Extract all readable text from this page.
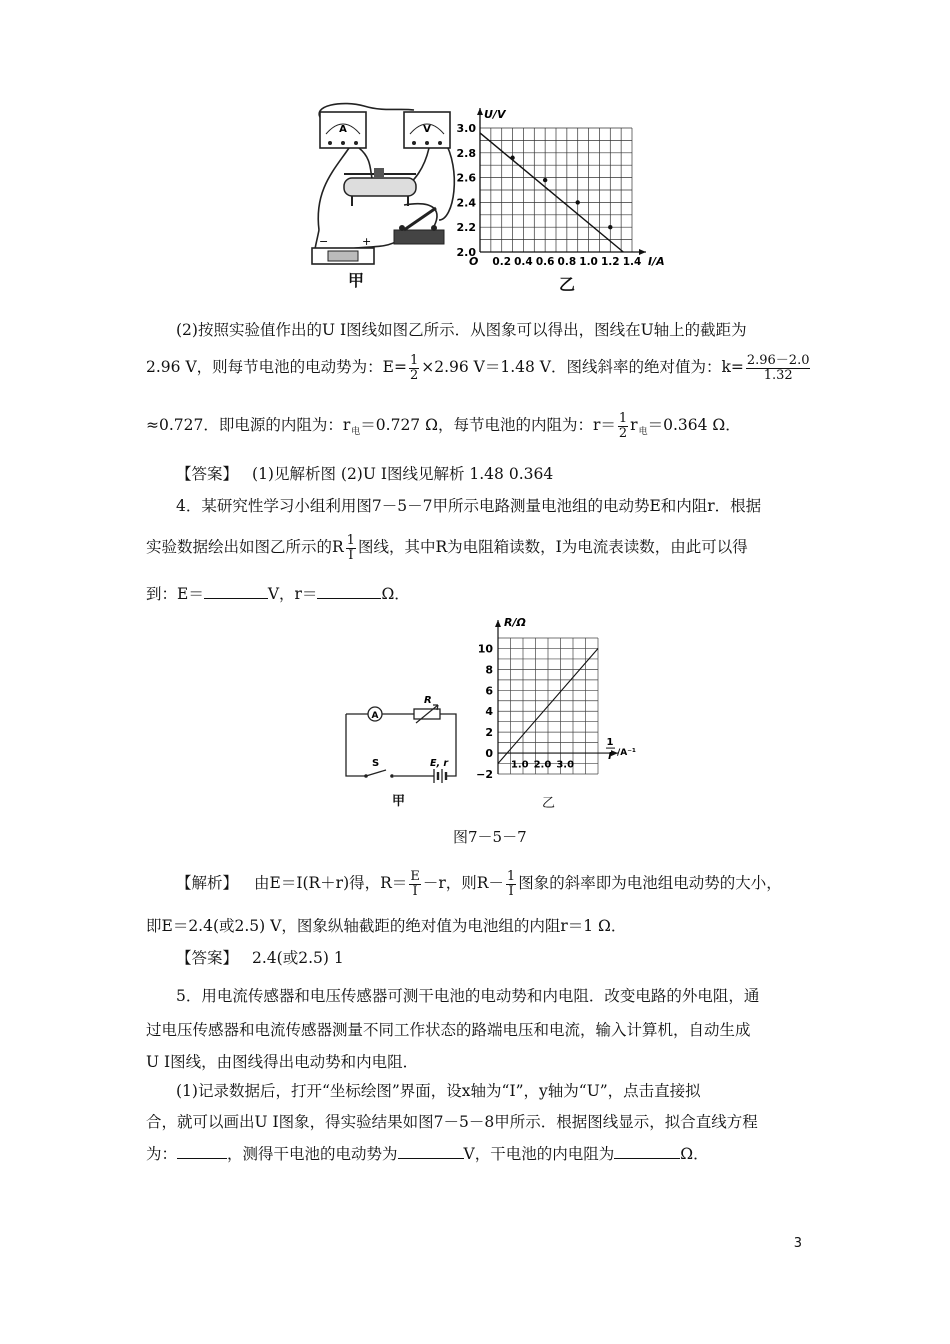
A	V
−	+
甲
U/V
I/A
O
2.0
2.2
2.4
2.6
2.8
3.0
0.2 0.4 0.6 0.8 1.0 1.2 1.4
乙
(2)按照实验值作出的U I图线如图乙所示．从图象可以得出，图线在U轴上的截距为
2.96 V，则每节电池的电动势为：$E= \frac{1}{2} \times 2.96$ V＝1.48 V．图线斜率的绝对值为：$k= \frac{2.96-2.0}{1.32}$
≈0.727．即电源的内阻为：$r_电=0.727$ Ω，每节电池的内阻为：$r= \frac{1}{2} r_电=0.364$ Ω．
【答案】 (1)见解析图 (2)U I图线见解析 1.48 0.364
4．某研究性学习小组利用图7－5－7甲所示电路测量电池组的电动势E和内阻r．根据
实验数据绘出如图乙所示的R $\frac{1}{I}$ 图线，其中R为电阻箱读数，I为电流表读数，由此可以得
到：E＝	V，r＝	Ω．
A
R
S	E, r
甲
R/Ω
−2
0
2
4
6
8
10
1.0 2.0 3.0
1
I /A⁻¹
乙
图7－5－7
【解析】 由E＝I(R＋r)得，$R= \frac{E}{I} -r$，则$R- \frac{1}{I}$ 图象的斜率即为电池组电动势的大小，
即E＝2.4(或2.5) V，图象纵轴截距的绝对值为电池组的内阻r＝1 Ω．
【答案】 2.4(或2.5) 1
5．用电流传感器和电压传感器可测干电池的电动势和内电阻．改变电路的外电阻，通
过电压传感器和电流传感器测量不同工作状态的路端电压和电流，输入计算机，自动生成
U I图线，由图线得出电动势和内电阻．
(1)记录数据后，打开“坐标绘图”界面，设x轴为“I”，y轴为“U”，点击直接拟
合，就可以画出U I图象，得实验结果如图7－5－8甲所示．根据图线显示，拟合直线方程
为：	，测得干电池的电动势为	V，干电池的内电阻为	Ω．
3
